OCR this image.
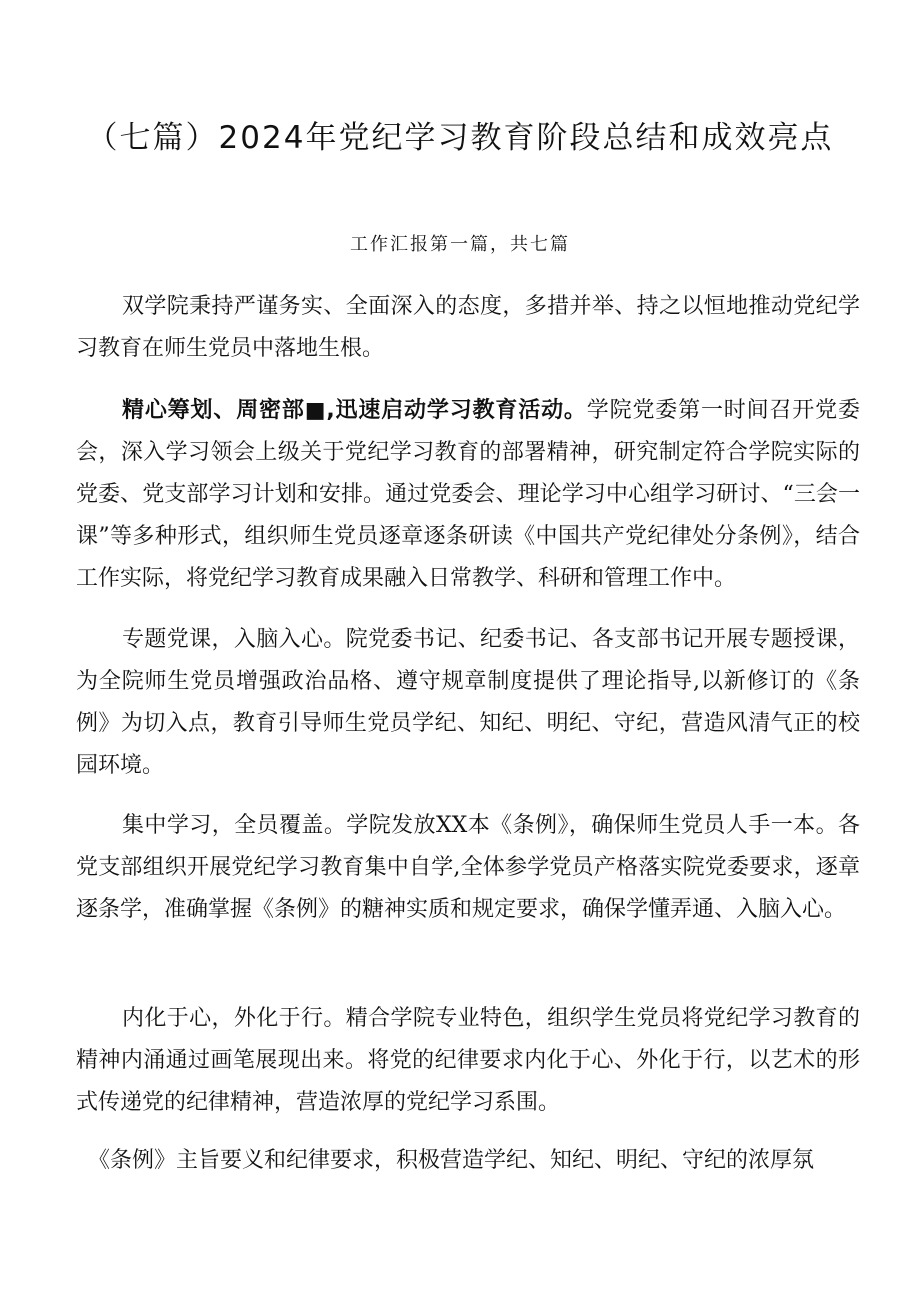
（七篇）2024年党纪学习教育阶段总结和成效亮点
工作汇报第一篇，共七篇

双学院秉持严谨务实、全面深入的态度，多措并举、持之以恒地推动党纪学习教育在师生党员中落地生根。

精心筹划、周密部■,迅速启动学习教育活动。学院党委第一时间召开党委会，深入学习领会上级关于党纪学习教育的部署精神，研究制定符合学院实际的党委、党支部学习计划和安排。通过党委会、理论学习中心组学习研讨、“三会一课”等多种形式，组织师生党员逐章逐条研读《中国共产党纪律处分条例》，结合工作实际，将党纪学习教育成果融入日常教学、科研和管理工作中。

专题党课，入脑入心。院党委书记、纪委书记、各支部书记开展专题授课，为全院师生党员增强政治品格、遵守规章制度提供了理论指导,以新修订的《条例》为切入点，教育引导师生党员学纪、知纪、明纪、守纪，营造风清气正的校园环境。

集中学习，全员覆盖。学院发放XX本《条例》，确保师生党员人手一本。各党支部组织开展党纪学习教育集中自学,全体参学党员产格落实院党委要求，逐章逐条学，准确掌握《条例》的糖神实质和规定要求，确保学懂弄通、入脑入心。

内化于心，外化于行。精合学院专业特色，组织学生党员将党纪学习教育的精神内涌通过画笔展现出来。将党的纪律要求内化于心、外化于行，以艺术的形式传递党的纪律精神，营造浓厚的党纪学习系围。

《条例》主旨要义和纪律要求，积极营造学纪、知纪、明纪、守纪的浓厚氛
